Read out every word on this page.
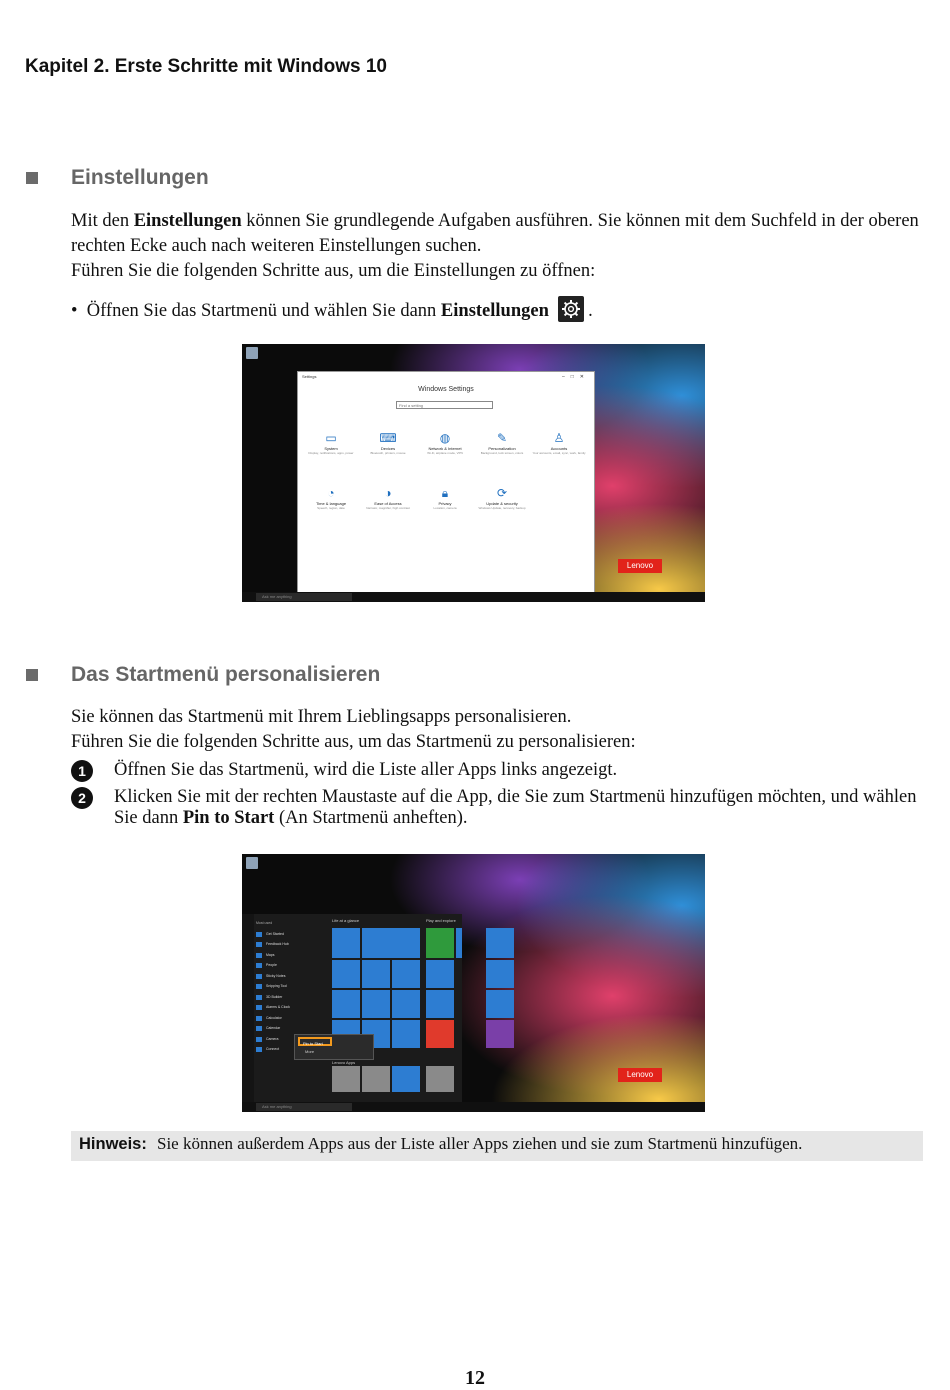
Kapitel 2. Erste Schritte mit Windows 10
Einstellungen
Mit den Einstellungen können Sie grundlegende Aufgaben ausführen. Sie können mit dem Suchfeld in der oberen rechten Ecke auch nach weiteren Einstellungen suchen.
Führen Sie die folgenden Schritte aus, um die Einstellungen zu öffnen:
•  Öffnen Sie das Startmenü und wählen Sie dann Einstellungen .
Settings	–□✕
Windows Settings
Find a setting
▭
System
Display, notifications, apps, power
⌨
Devices
Bluetooth, printers, mouse
◍
Network & Internet
Wi-Fi, airplane mode, VPN
✎
Personalization
Background, lock screen, colors
♙
Accounts
Your accounts, email, sync, work, family
◔
Time & language
Speech, region, date
◑
Ease of Access
Narrator, magnifier, high contrast
🔒︎
Privacy
Location, camera
⟳
Update & security
Windows Update, recovery, backup
Lenovo
Ask me anything
Das Startmenü personalisieren
Sie können das Startmenü mit Ihrem Lieblingsapps personalisieren.
Führen Sie die folgenden Schritte aus, um das Startmenü zu personalisieren:
1	Öffnen Sie das Startmenü, wird die Liste aller Apps links angezeigt.
2	Klicken Sie mit der rechten Maustaste auf die App, die Sie zum Startmenü hinzufügen möchten, und wählen Sie dann Pin to Start (An Startmenü anheften).
Most used
Get Started
Feedback Hub
Maps
People
Sticky Notes
Snipping Tool
3D Builder
Alarms & Clock
Calculator
Calendar
Camera
Connect
Life at a glance	Play and explore
Lenovo Apps
Pin to Start
More
Lenovo
Ask me anything
Hinweis: Sie können außerdem Apps aus der Liste aller Apps ziehen und sie zum Startmenü hinzufügen.
12
